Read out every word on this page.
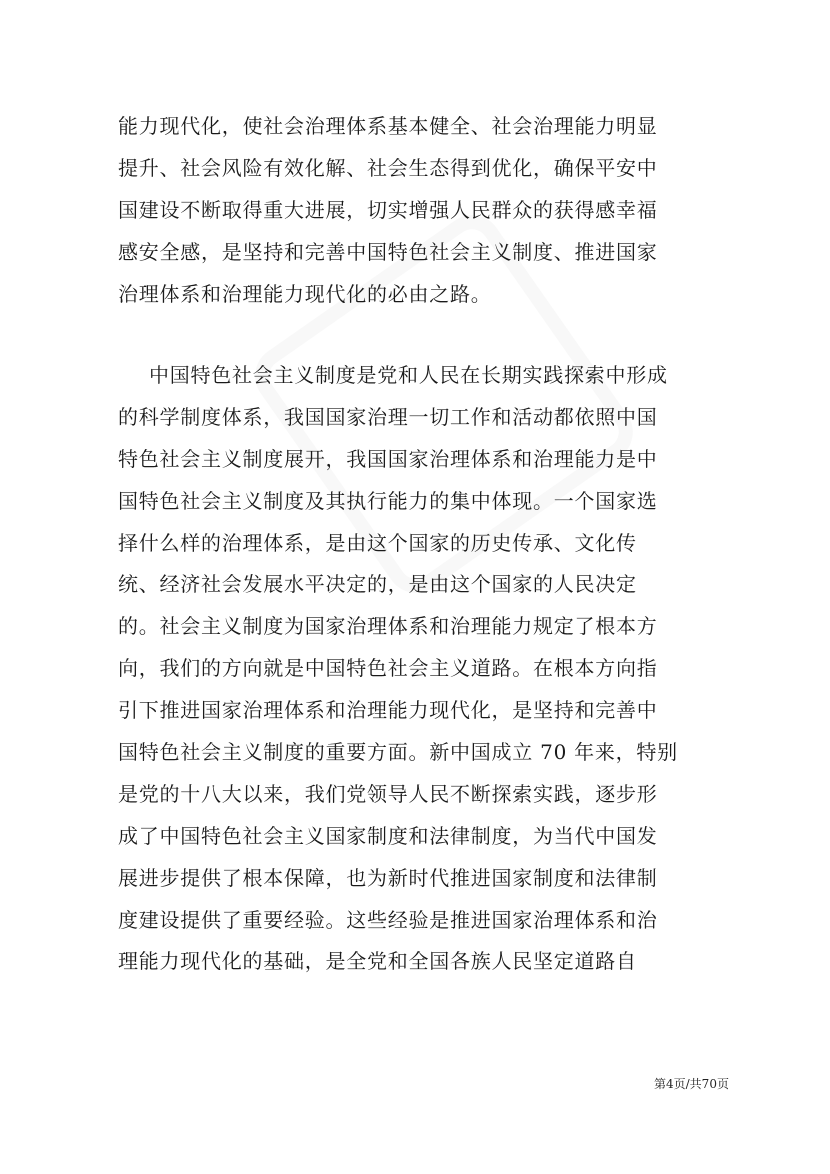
能力现代化，使社会治理体系基本健全、社会治理能力明显
提升、社会风险有效化解、社会生态得到优化，确保平安中
国建设不断取得重大进展，切实增强人民群众的获得感幸福
感安全感，是坚持和完善中国特色社会主义制度、推进国家
治理体系和治理能力现代化的必由之路。
中国特色社会主义制度是党和人民在长期实践探索中形成
的科学制度体系，我国国家治理一切工作和活动都依照中国
特色社会主义制度展开，我国国家治理体系和治理能力是中
国特色社会主义制度及其执行能力的集中体现。一个国家选
择什么样的治理体系，是由这个国家的历史传承、文化传
统、经济社会发展水平决定的，是由这个国家的人民决定
的。社会主义制度为国家治理体系和治理能力规定了根本方
向，我们的方向就是中国特色社会主义道路。在根本方向指
引下推进国家治理体系和治理能力现代化，是坚持和完善中
国特色社会主义制度的重要方面。新中国成立 70 年来，特别
是党的十八大以来，我们党领导人民不断探索实践，逐步形
成了中国特色社会主义国家制度和法律制度，为当代中国发
展进步提供了根本保障，也为新时代推进国家制度和法律制
度建设提供了重要经验。这些经验是推进国家治理体系和治
理能力现代化的基础，是全党和全国各族人民坚定道路自
第4页/共70页
